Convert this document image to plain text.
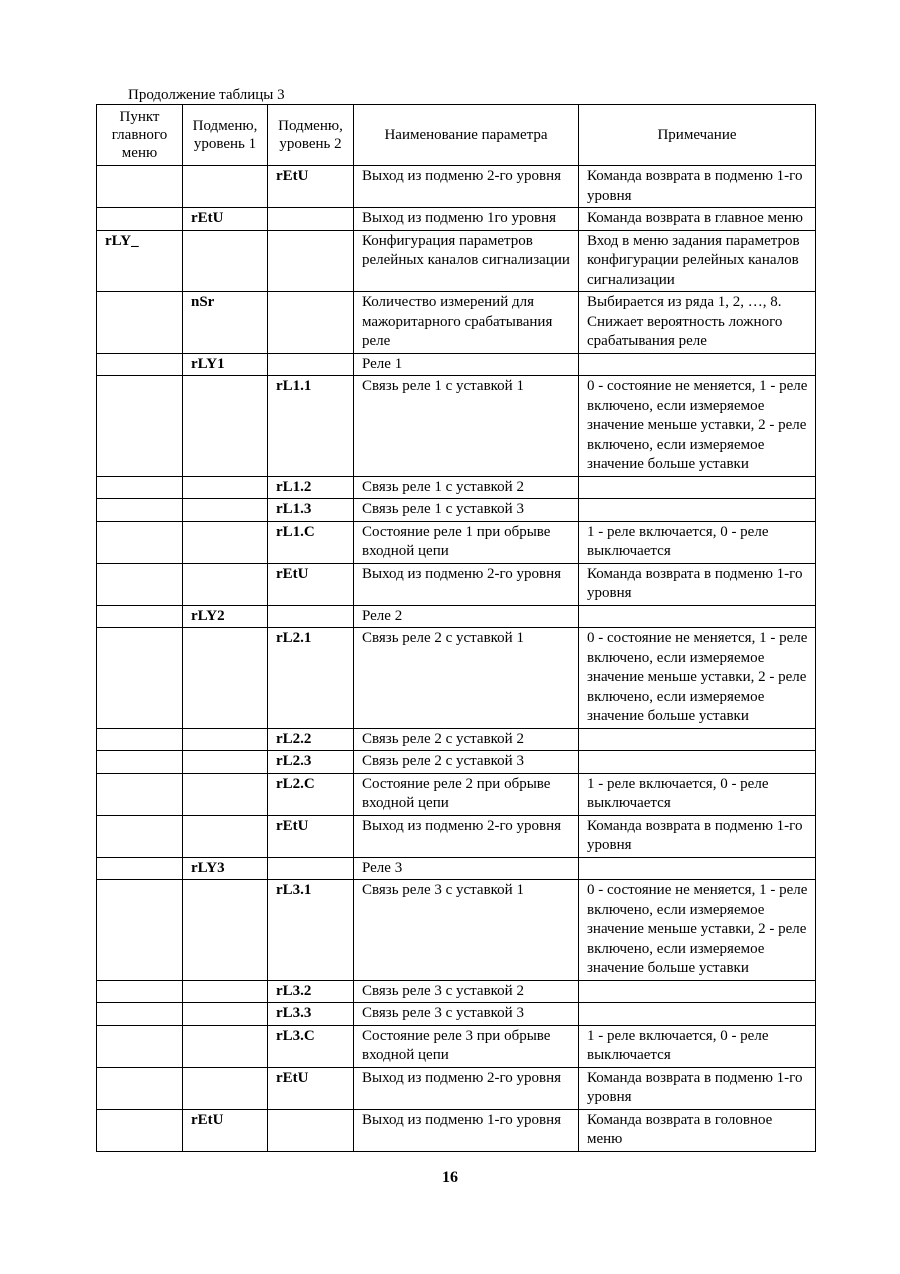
Продолжение таблицы 3
Пункт главного меню	Подменю, уровень 1	Подменю, уровень 2	Наименование параметра	Примечание
		rEtU	Выход из подменю 2-го уровня	Команда возврата в подменю 1-го уровня
	rEtU		Выход из подменю 1го уровня	Команда возврата в главное меню
rLY_			Конфигурация параметров релейных каналов сигнализации	Вход в меню задания параметров конфигурации релейных каналов сигнализации
	nSr		Количество измерений для мажоритарного срабатывания реле	Выбирается из ряда 1, 2, …, 8. Снижает вероятность ложного срабатывания реле
	rLY1		Реле 1	
		rL1.1	Связь реле 1 с уставкой 1	0 - состояние не меняется, 1 - реле включено, если измеряемое значение меньше уставки, 2 - реле включено, если измеряемое значение больше уставки
		rL1.2	Связь реле 1 с уставкой 2	
		rL1.3	Связь реле 1 с уставкой 3	
		rL1.C	Состояние реле 1 при обрыве входной цепи	1 - реле включается, 0 - реле выключается
		rEtU	Выход из подменю 2-го уровня	Команда возврата в подменю 1-го уровня
	rLY2		Реле 2	
		rL2.1	Связь реле 2 с уставкой 1	0 - состояние не меняется, 1 - реле включено, если измеряемое значение меньше уставки, 2 - реле включено, если измеряемое значение больше уставки
		rL2.2	Связь реле 2 с уставкой 2	
		rL2.3	Связь реле 2 с уставкой 3	
		rL2.C	Состояние реле 2 при обрыве входной цепи	1 - реле включается, 0 - реле выключается
		rEtU	Выход из подменю 2-го уровня	Команда возврата в подменю 1-го уровня
	rLY3		Реле 3	
		rL3.1	Связь реле 3 с уставкой 1	0 - состояние не меняется, 1 - реле включено, если измеряемое значение меньше уставки, 2 - реле включено, если измеряемое значение больше уставки
		rL3.2	Связь реле 3 с уставкой 2	
		rL3.3	Связь реле 3 с уставкой 3	
		rL3.C	Состояние реле 3 при обрыве входной цепи	1 - реле включается, 0 - реле выключается
		rEtU	Выход из подменю 2-го уровня	Команда возврата в подменю 1-го уровня
	rEtU		Выход из подменю 1-го уровня	Команда возврата в головное меню
16
